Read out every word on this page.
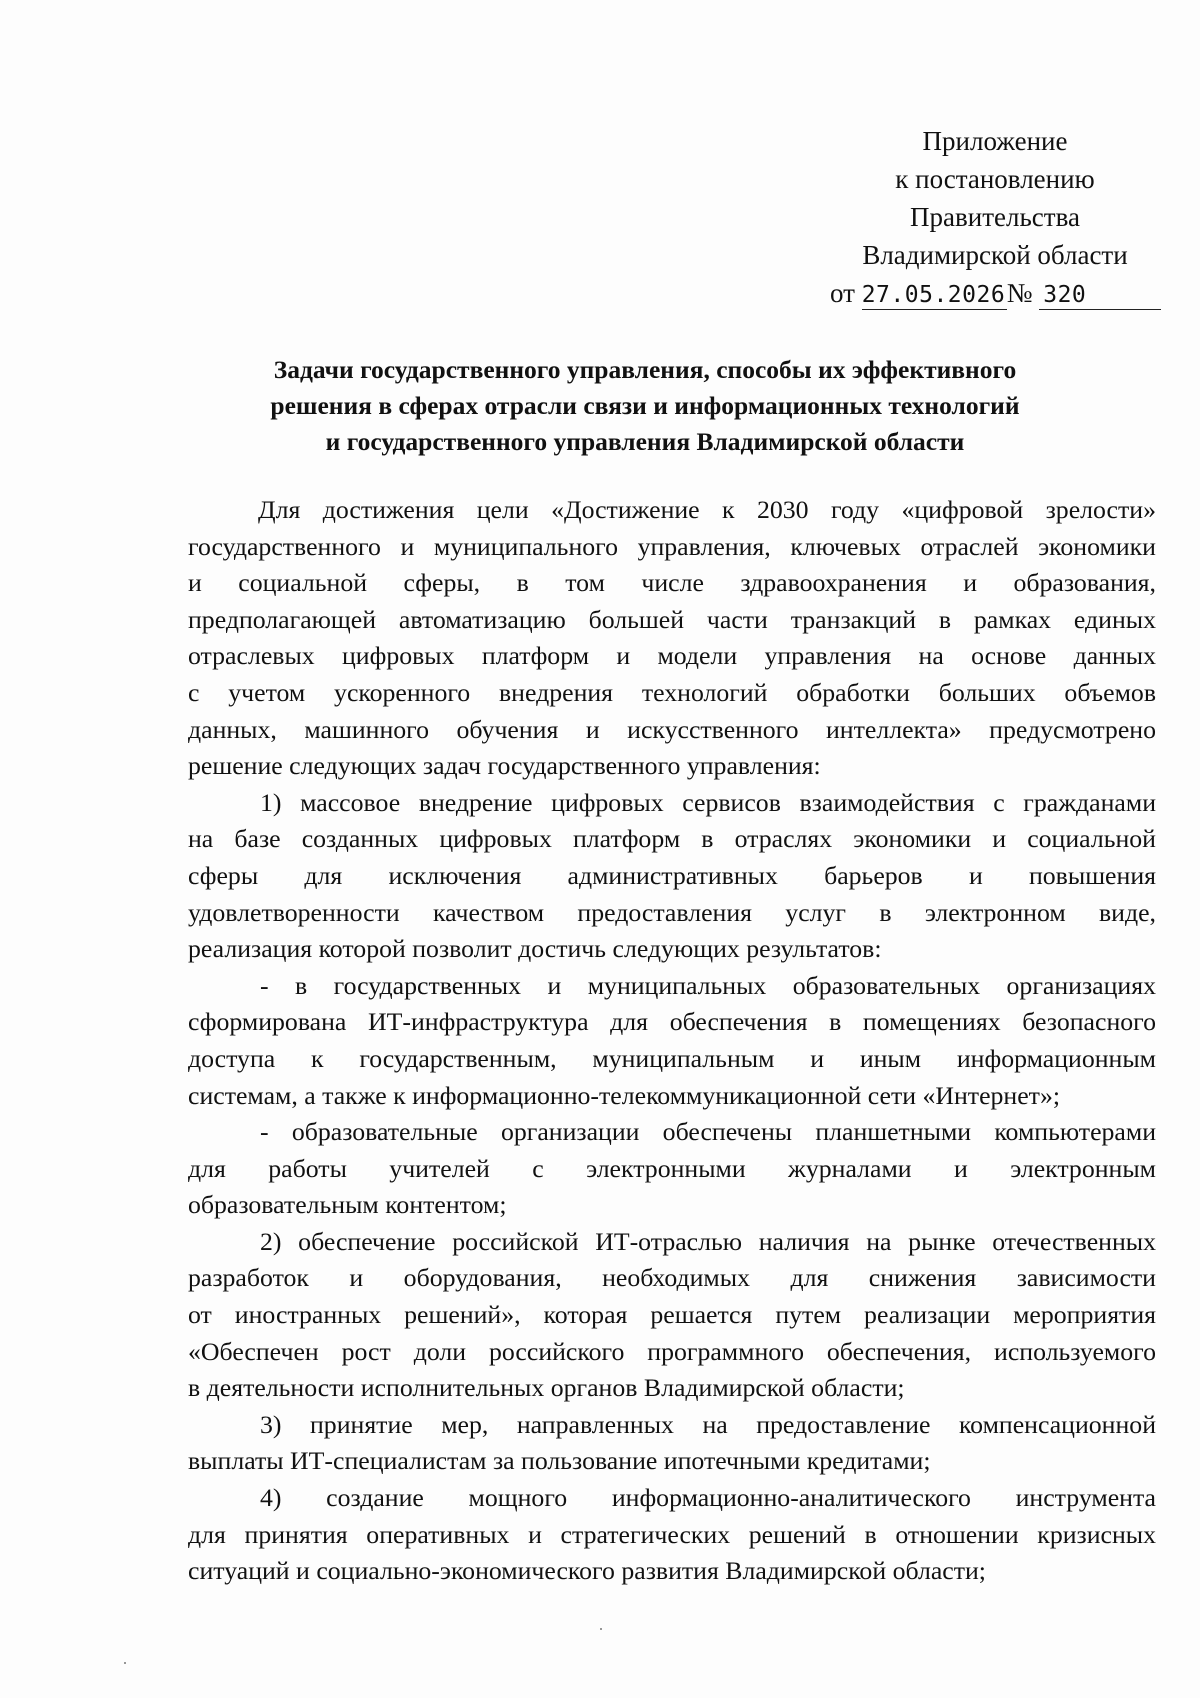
Приложение
к постановлению
Правительства
Владимирской области
от 27.05.2026№ 320
Задачи государственного управления, способы их эффективного
решения в сферах отрасли связи и информационных технологий
и государственного управления Владимирской области
Для достижения цели «Достижение к 2030 году «цифровой зрелости»
государственного и муниципального управления, ключевых отраслей экономики
и социальной сферы, в том числе здравоохранения и образования,
предполагающей автоматизацию большей части транзакций в рамках единых
отраслевых цифровых платформ и модели управления на основе данных
с учетом ускоренного внедрения технологий обработки больших объемов
данных, машинного обучения и искусственного интеллекта» предусмотрено
решение следующих задач государственного управления:
1) массовое внедрение цифровых сервисов взаимодействия с гражданами
на базе созданных цифровых платформ в отраслях экономики и социальной
сферы для исключения административных барьеров и повышения
удовлетворенности качеством предоставления услуг в электронном виде,
реализация которой позволит достичь следующих результатов:
- в государственных и муниципальных образовательных организациях
сформирована ИТ-инфраструктура для обеспечения в помещениях безопасного
доступа к государственным, муниципальным и иным информационным
системам, а также к информационно-телекоммуникационной сети «Интернет»;
- образовательные организации обеспечены планшетными компьютерами
для работы учителей с электронными журналами и электронным
образовательным контентом;
2) обеспечение российской ИТ-отраслью наличия на рынке отечественных
разработок и оборудования, необходимых для снижения зависимости
от иностранных решений», которая решается путем реализации мероприятия
«Обеспечен рост доли российского программного обеспечения, используемого
в деятельности исполнительных органов Владимирской области;
3) принятие мер, направленных на предоставление компенсационной
выплаты ИТ-специалистам за пользование ипотечными кредитами;
4) создание мощного информационно-аналитического инструмента
для принятия оперативных и стратегических решений в отношении кризисных
ситуаций и социально-экономического развития Владимирской области;
